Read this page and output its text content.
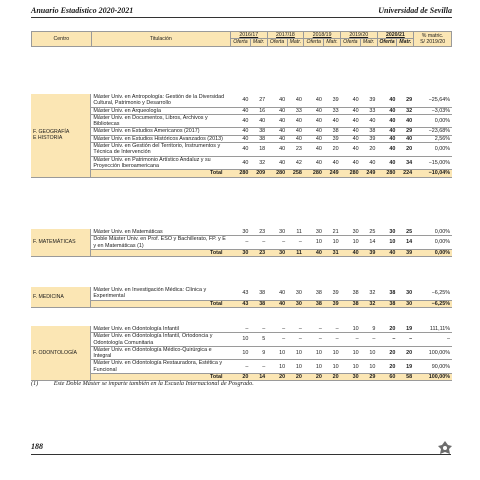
Anuario Estadístico 2020-2021	Universidad de Sevilla
Centro	Titulación	2016/17		2017/18		2018/19		2019/20		2020/21		% matric.
S/ 2019/20

		Oferta	Matr.	Oferta	Matr.	Oferta	Matr.	Oferta	Matr.	Oferta	Matr.	
F. GEOGRAFÍA
E HISTORIA	Máster Univ. en Antropología: Gestión de la Diversidad Cultural, Patrimonio y Desarrollo	40	27	40	40	40	39	40	39	40	29	−25,64%
	Máster Univ. en Arqueología	40	16	40	33	40	33	40	33	40	32	−3,03%
	Máster Univ. en Documentos, Libros, Archivos y Bibliotecas	40	40	40	40	40	40	40	40	40	40	0,00%
	Máster Univ. en Estudios Americanos (2017)	40	38	40	40	40	38	40	38	40	29	−23,68%
	Máster Univ. en Estudios Históricos Avanzados (2013)	40	38	40	40	40	39	40	39	40	40	2,56%
	Máster Univ. en Gestión del Territorio, Instrumentos y Técnica de Intervención	40	18	40	23	40	20	40	20	40	20	0,00%
	Máster Univ. en Patrimonio Artístico Andaluz y su Proyección Iberoamericana	40	32	40	42	40	40	40	40	40	34	−15,00%
	Total	280	209	280	258	280	249	280	249	280	224	−10,04%
F. MATEMÁTICAS	Máster Univ. en Matemáticas	30	23	30	11	30	21	30	25	30	25	0,00%
	Doble Máster Univ. en Prof. ESO y Bachillerato, FP. y E y en Matemáticas (1)	–	–	–	–	10	10	10	14	10	14	0,00%
	Total	30	23	30	11	40	31	40	39	40	39	0,00%
F. MEDICINA	Máster Univ. en Investigación Médica: Clínica y Experimental	43	38	40	30	38	39	38	32	38	30	−6,25%
	Total	43	38	40	30	38	39	38	32	38	30	−6,25%
F. ODONTOLOGÍA	Máster Univ. en Odontología Infantil	–	–	–	–	–	–	10	9	20	19	111,11%
	Máster Univ. en Odontología Infantil, Ortodoncia y Odontología Comunitaria	10	5	–	–	–	–	–	–	–	–	–
	Máster Univ. en Odontología Médico-Quirúrgica e Integral	10	9	10	10	10	10	10	10	20	20	100,00%
	Máster Univ. en Odontología Restauradora, Estética y Funcional	–	–	10	10	10	10	10	10	20	19	90,00%
	Total	20	14	20	20	20	20	30	29	60	58	100,00%
(1)	Este Doble Máster se imparte también en la Escuela Internacional de Posgrado.
188
